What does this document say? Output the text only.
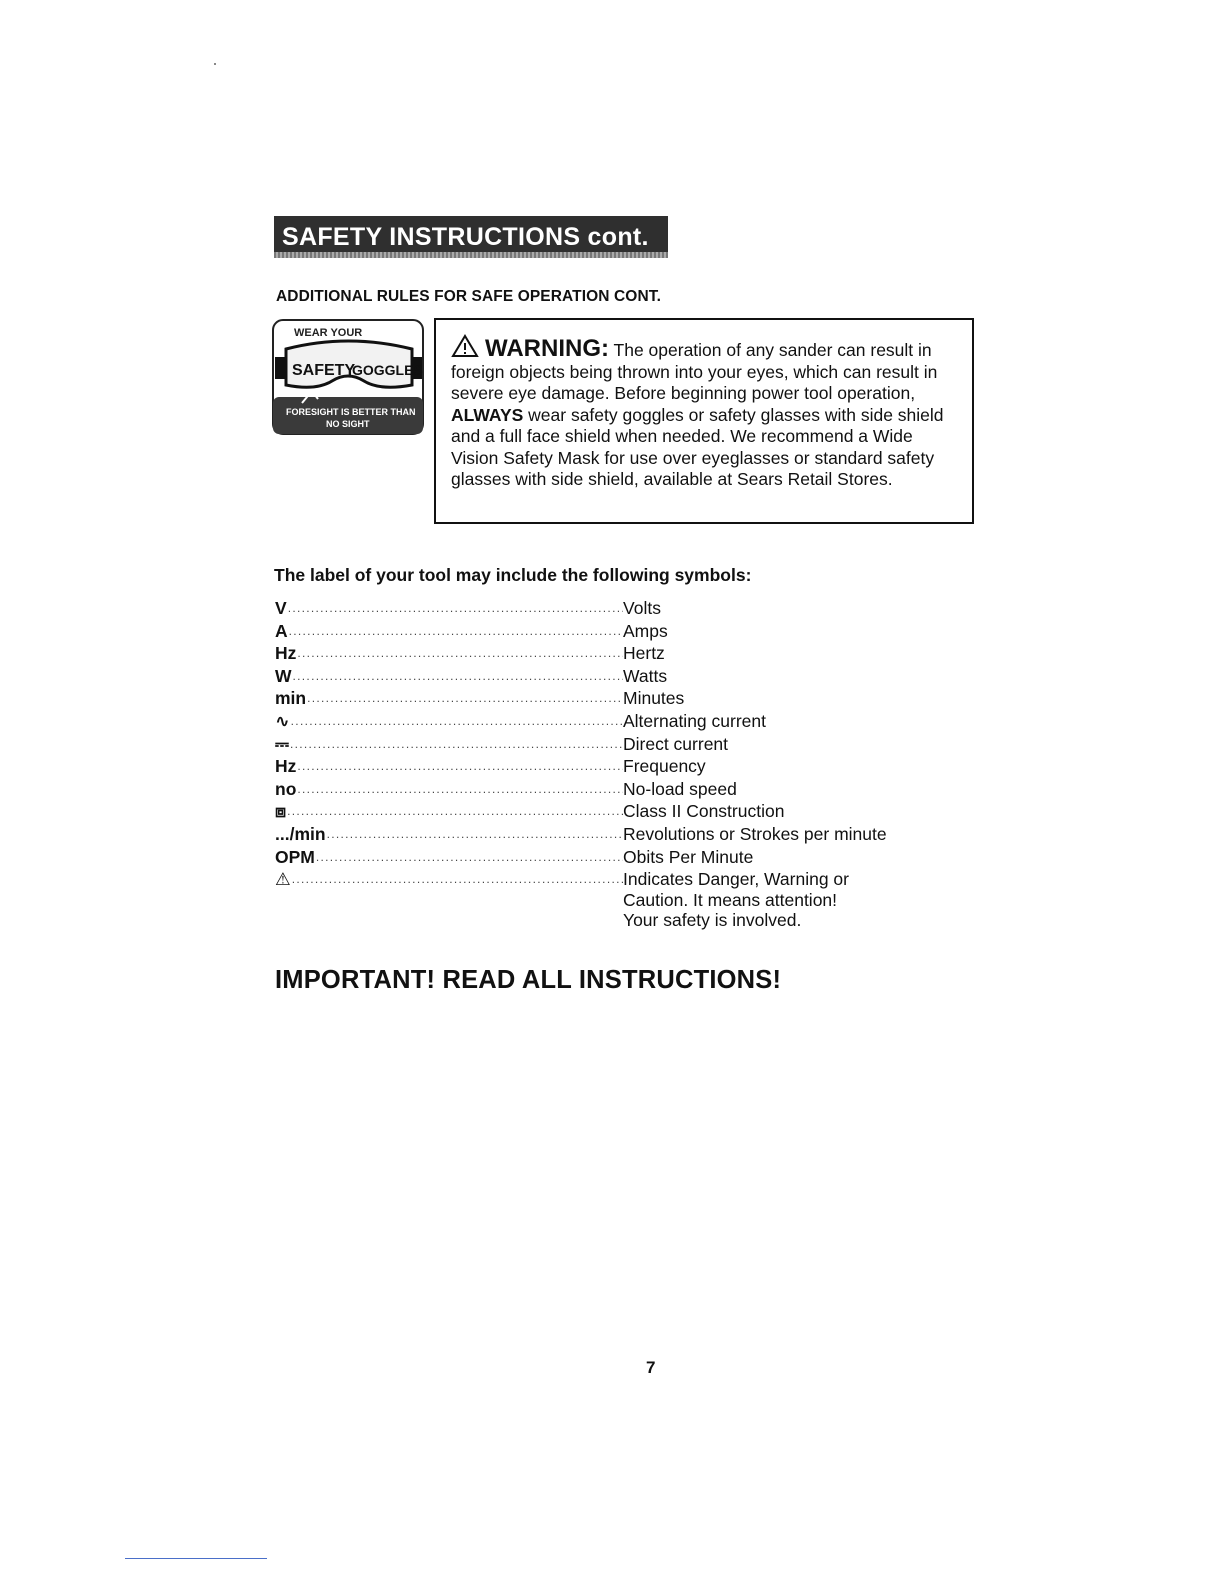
SAFETY INSTRUCTIONS cont.
ADDITIONAL RULES FOR SAFE OPERATION CONT.
WEAR YOUR
SAFETY
GOGGLES
FORESIGHT IS BETTER THAN
NO SIGHT
WARNING: The operation of any sander can result in foreign objects being thrown into your eyes, which can result in severe eye damage. Before beginning power tool operation, ALWAYS wear safety goggles or safety glasses with side shield and a full face shield when needed. We recommend a Wide Vision Safety Mask for use over eyeglasses or standard safety glasses with side shield, available at Sears Retail Stores.
The label of your tool may include the following symbols:
V .....	Volts
A .....	Amps
Hz .....	Hertz
W .....	Watts
min .....	Minutes
∿ .....	Alternating current
⎓ .....	Direct current
Hz .....	Frequency
no .....	No-load speed
⧈ .....	Class II Construction
.../min .....	Revolutions or Strokes per minute
OPM .....	Obits Per Minute
⚠ .....	Indicates Danger, Warning or
Caution. It means attention!
Your safety is involved.
IMPORTANT! READ ALL INSTRUCTIONS!
7
